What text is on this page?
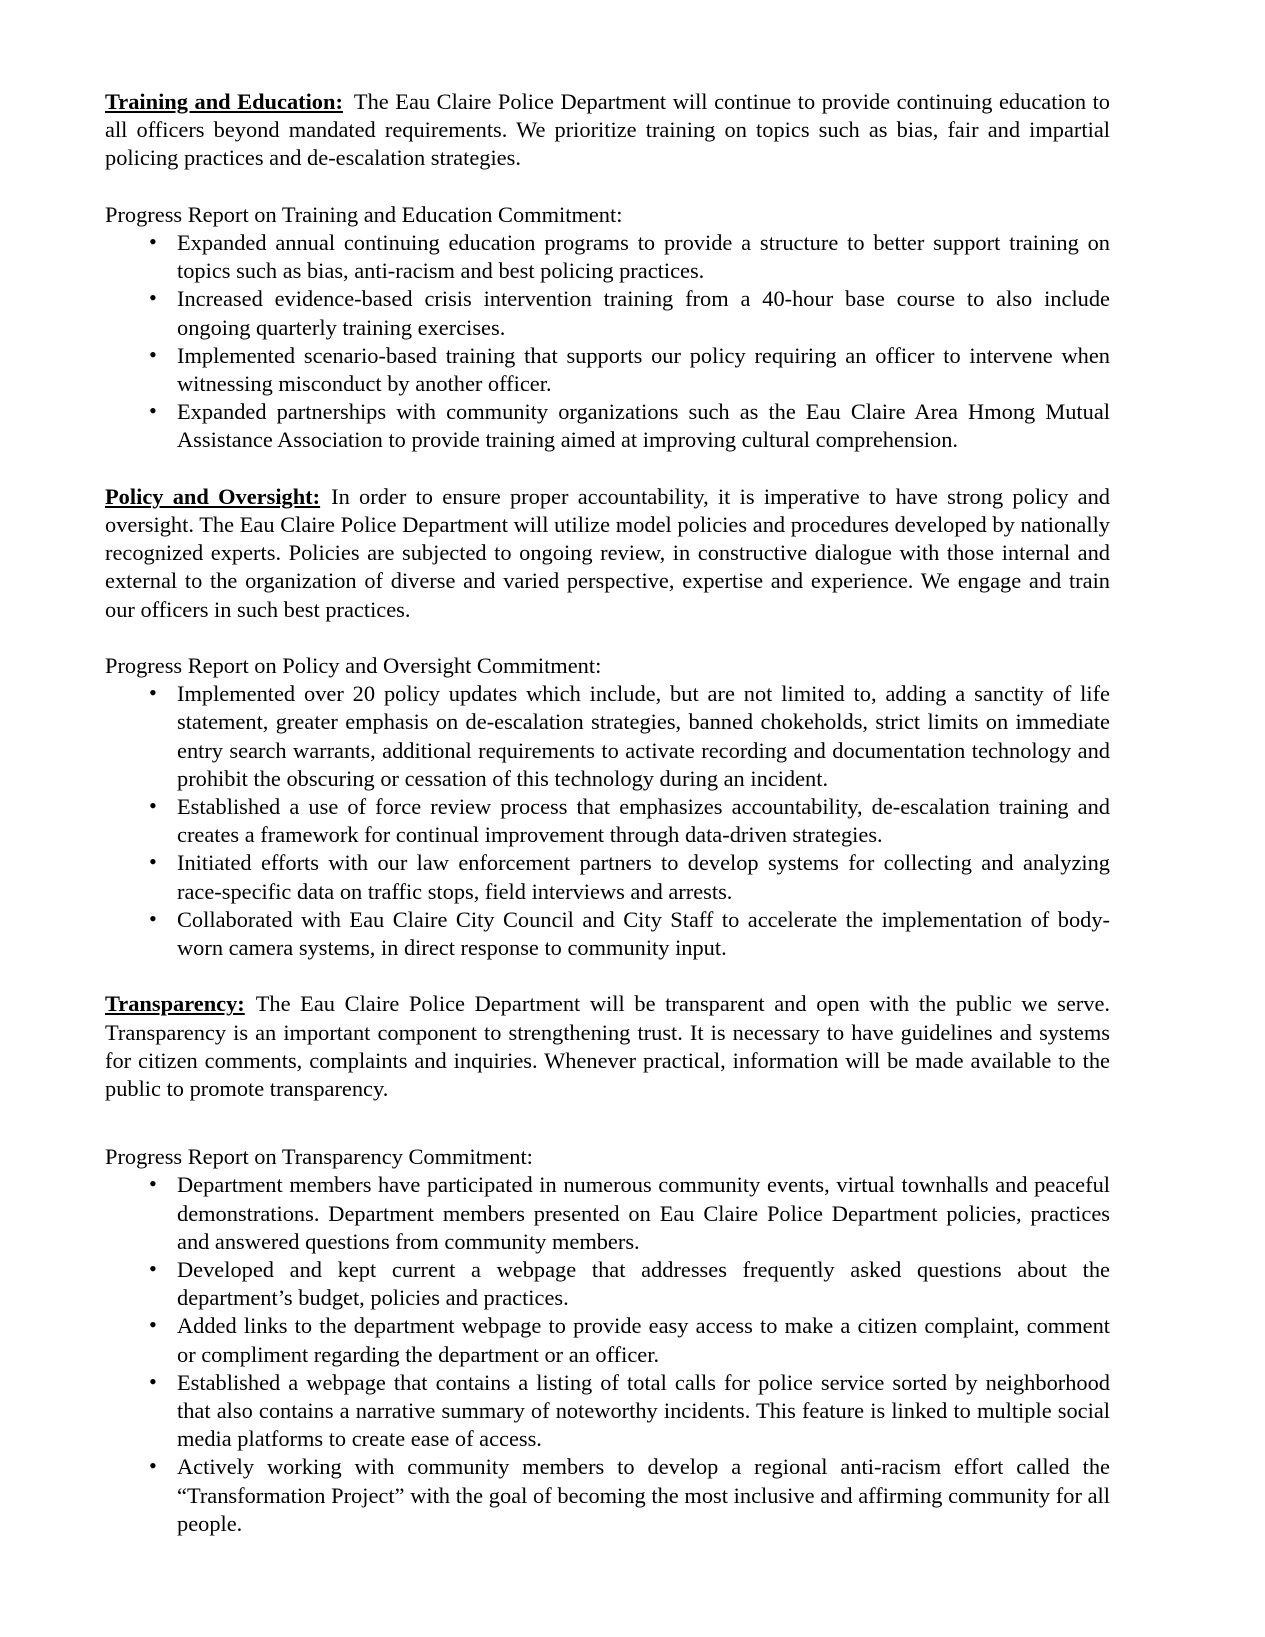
Training and Education: The Eau Claire Police Department will continue to provide continuing education to all officers beyond mandated requirements. We prioritize training on topics such as bias, fair and impartial policing practices and de-escalation strategies.

Progress Report on Training and Education Commitment:

• Expanded annual continuing education programs to provide a structure to better support training on topics such as bias, anti-racism and best policing practices.
• Increased evidence-based crisis intervention training from a 40-hour base course to also include ongoing quarterly training exercises.
• Implemented scenario-based training that supports our policy requiring an officer to intervene when witnessing misconduct by another officer.
• Expanded partnerships with community organizations such as the Eau Claire Area Hmong Mutual Assistance Association to provide training aimed at improving cultural comprehension.

Policy and Oversight: In order to ensure proper accountability, it is imperative to have strong policy and oversight. The Eau Claire Police Department will utilize model policies and procedures developed by nationally recognized experts. Policies are subjected to ongoing review, in constructive dialogue with those internal and external to the organization of diverse and varied perspective, expertise and experience. We engage and train our officers in such best practices.

Progress Report on Policy and Oversight Commitment:

• Implemented over 20 policy updates which include, but are not limited to, adding a sanctity of life statement, greater emphasis on de-escalation strategies, banned chokeholds, strict limits on immediate entry search warrants, additional requirements to activate recording and documentation technology and prohibit the obscuring or cessation of this technology during an incident.
• Established a use of force review process that emphasizes accountability, de-escalation training and creates a framework for continual improvement through data-driven strategies.
• Initiated efforts with our law enforcement partners to develop systems for collecting and analyzing race-specific data on traffic stops, field interviews and arrests.
• Collaborated with Eau Claire City Council and City Staff to accelerate the implementation of body-worn camera systems, in direct response to community input.

Transparency: The Eau Claire Police Department will be transparent and open with the public we serve. Transparency is an important component to strengthening trust. It is necessary to have guidelines and systems for citizen comments, complaints and inquiries. Whenever practical, information will be made available to the public to promote transparency.

Progress Report on Transparency Commitment:

• Department members have participated in numerous community events, virtual townhalls and peaceful demonstrations. Department members presented on Eau Claire Police Department policies, practices and answered questions from community members.
• Developed and kept current a webpage that addresses frequently asked questions about the department’s budget, policies and practices.
• Added links to the department webpage to provide easy access to make a citizen complaint, comment or compliment regarding the department or an officer.
• Established a webpage that contains a listing of total calls for police service sorted by neighborhood that also contains a narrative summary of noteworthy incidents. This feature is linked to multiple social media platforms to create ease of access.
• Actively working with community members to develop a regional anti-racism effort called the “Transformation Project” with the goal of becoming the most inclusive and affirming community for all people.
